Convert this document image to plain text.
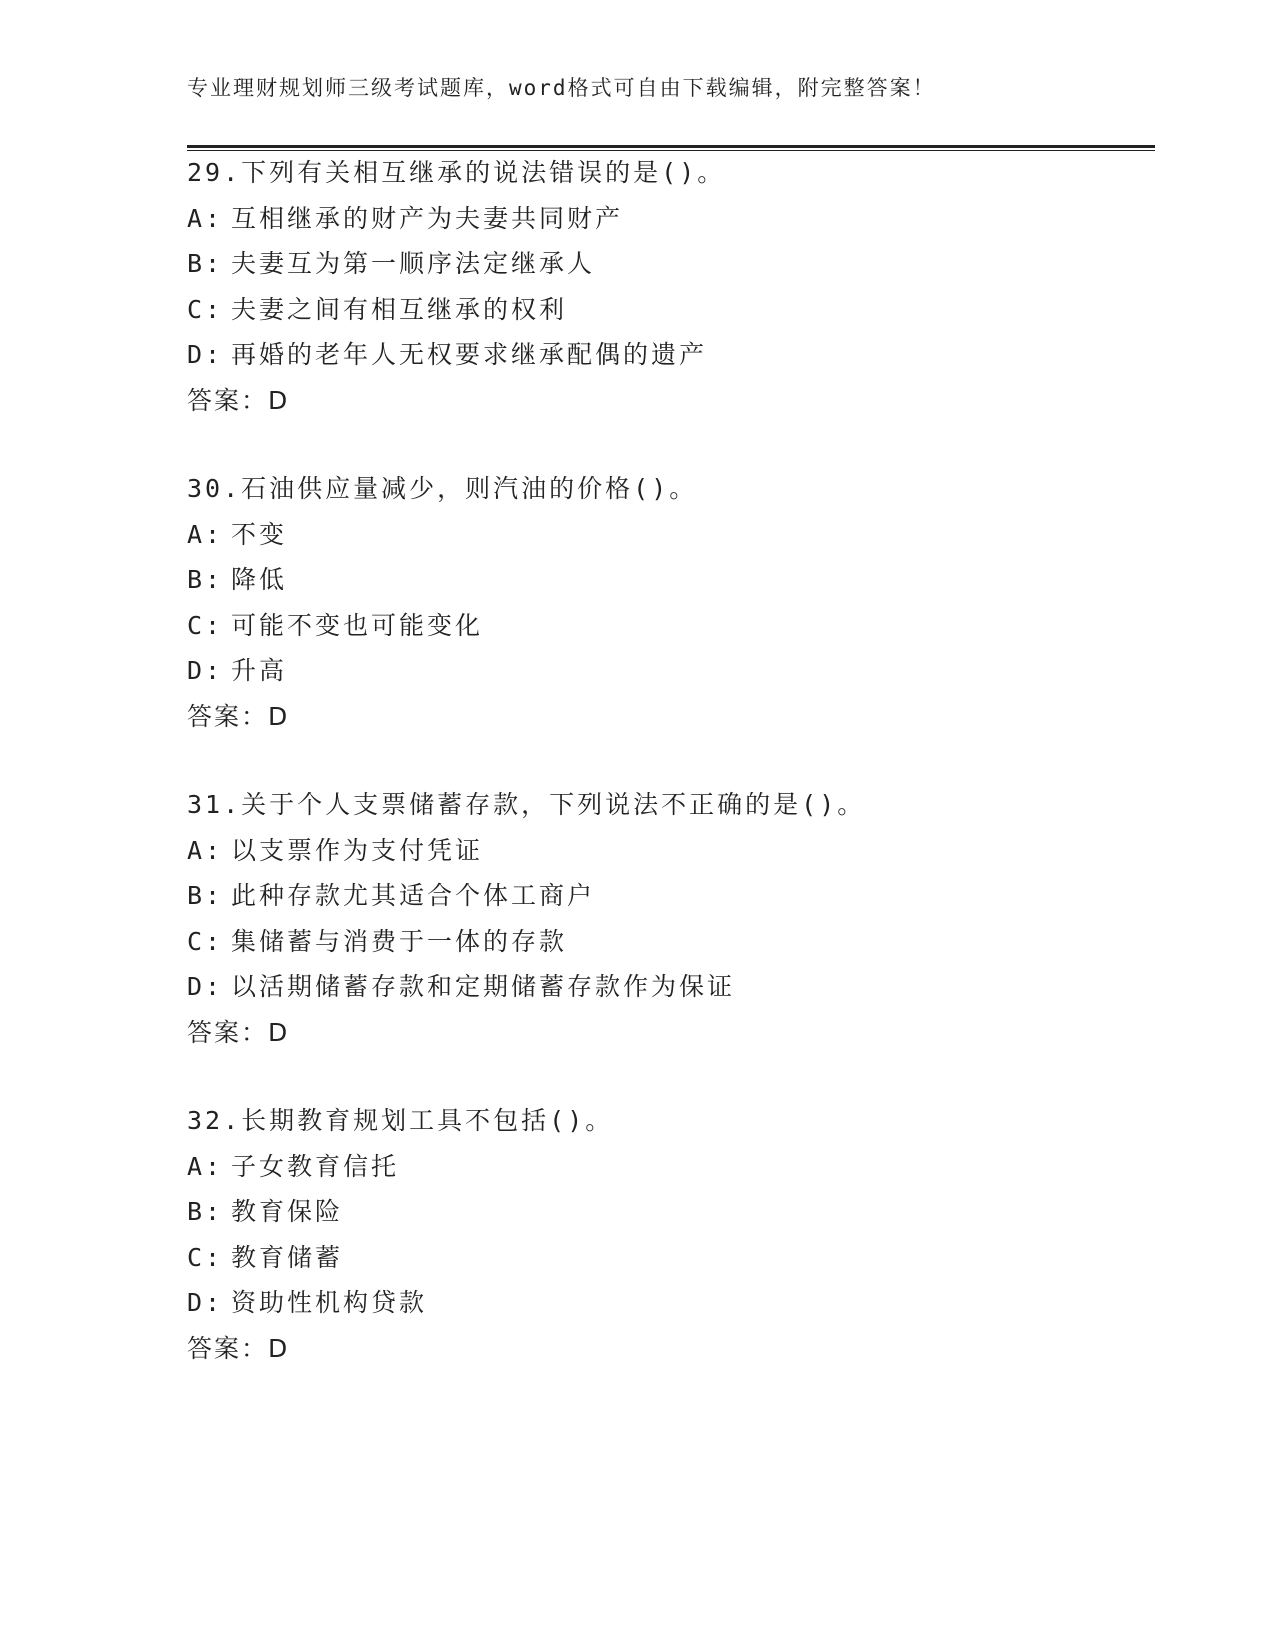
专业理财规划师三级考试题库，word格式可自由下载编辑，附完整答案！
29.下列有关相互继承的说法错误的是()。
A: 互相继承的财产为夫妻共同财产
B: 夫妻互为第一顺序法定继承人
C: 夫妻之间有相互继承的权利
D: 再婚的老年人无权要求继承配偶的遗产
答案：D
30.石油供应量减少，则汽油的价格()。
A: 不变
B: 降低
C: 可能不变也可能变化
D: 升高
答案：D
31.关于个人支票储蓄存款，下列说法不正确的是()。
A: 以支票作为支付凭证
B: 此种存款尤其适合个体工商户
C: 集储蓄与消费于一体的存款
D: 以活期储蓄存款和定期储蓄存款作为保证
答案：D
32.长期教育规划工具不包括()。
A: 子女教育信托
B: 教育保险
C: 教育储蓄
D: 资助性机构贷款
答案：D
